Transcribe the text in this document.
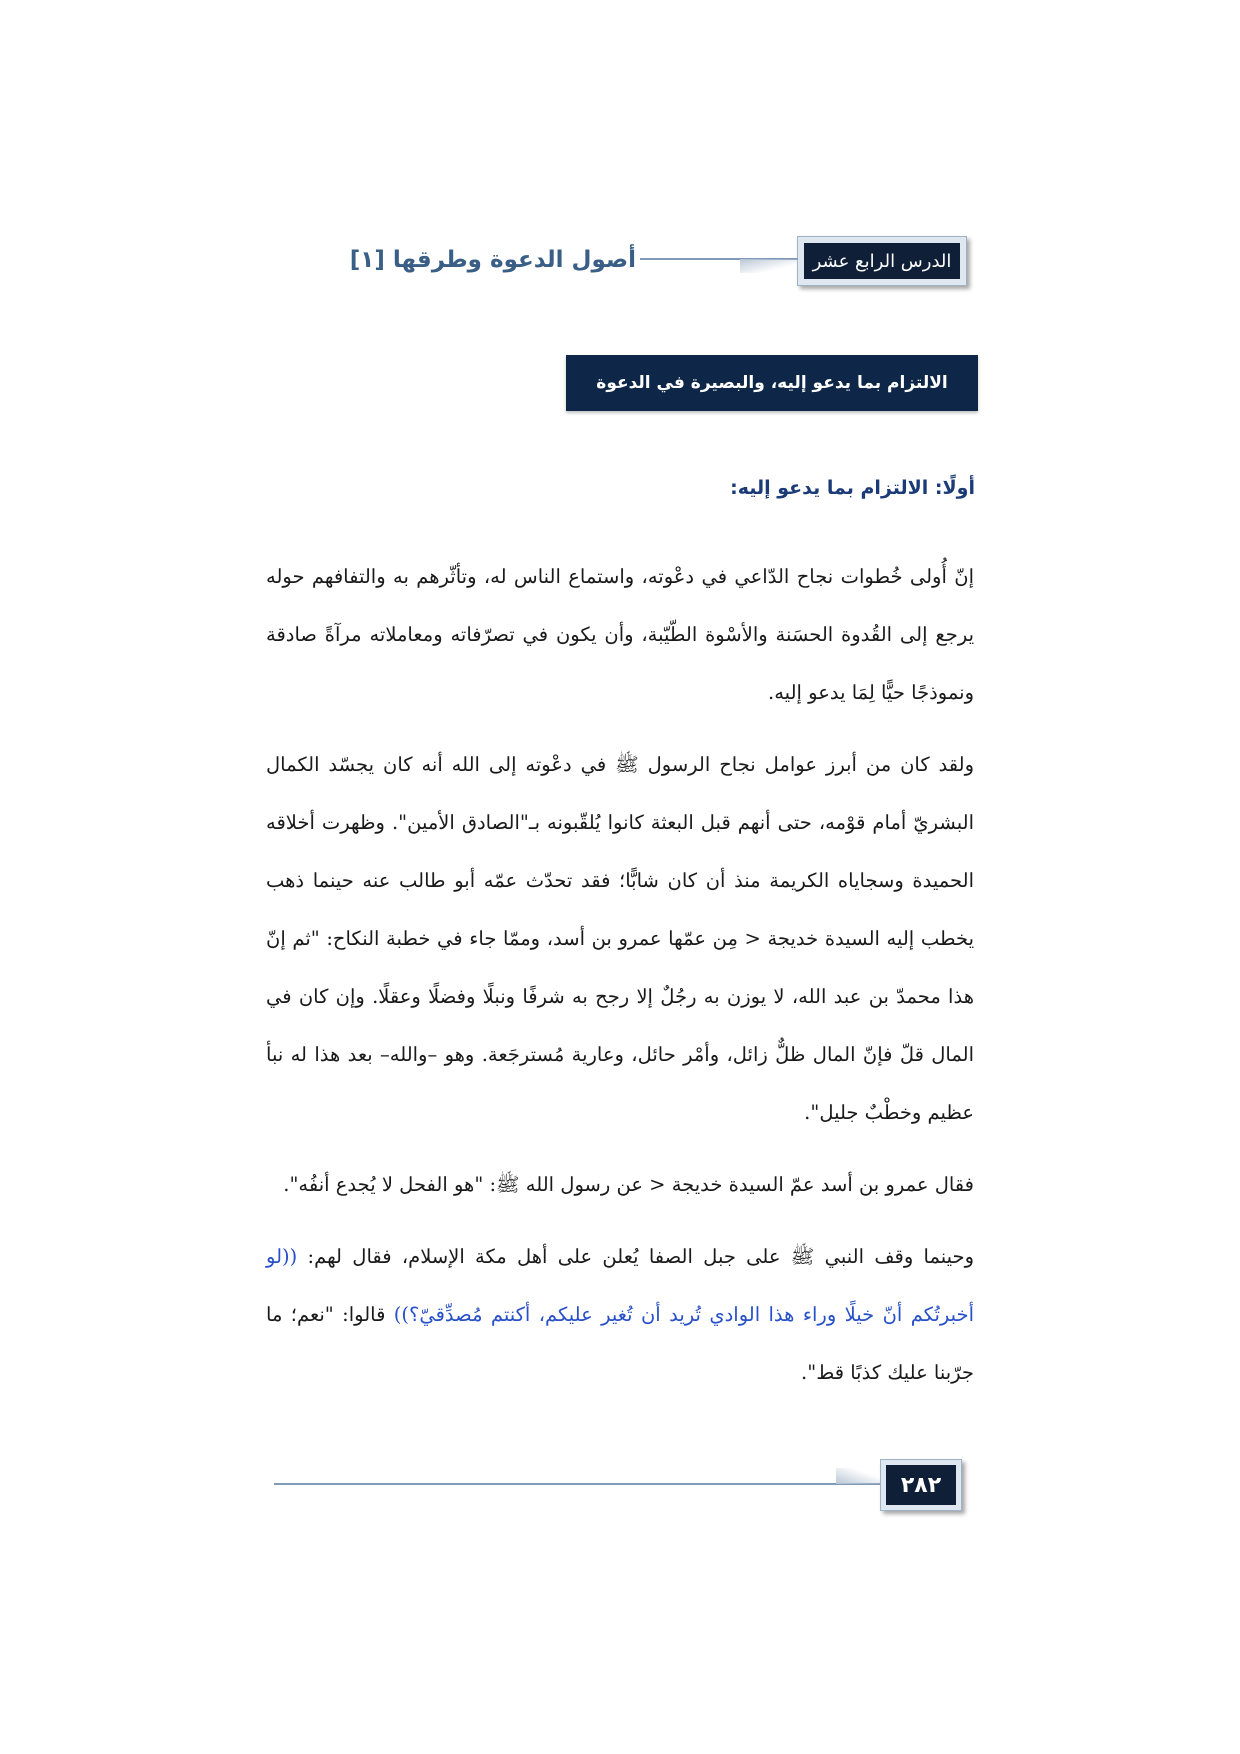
الدرس الرابع عشر
أصول الدعوة وطرقها [١]
الالتزام بما يدعو إليه، والبصيرة في الدعوة
أولًا: الالتزام بما يدعو إليه:

إنّ أُولى خُطوات نجاح الدّاعي في دعْوته، واستماع الناس له، وتأثّرهم به والتفافهم حوله يرجع إلى القُدوة الحسَنة والأسْوة الطّيّبة، وأن يكون في تصرّفاته ومعاملاته مرآةً صادقة ونموذجًا حيًّا لِمَا يدعو إليه.

ولقد كان من أبرز عوامل نجاح الرسول ﷺ في دعْوته إلى الله أنه كان يجسّد الكمال البشريّ أمام قوْمه، حتى أنهم قبل البعثة كانوا يُلقّبونه بـ"الصادق الأمين". وظهرت أخلاقه الحميدة وسجاياه الكريمة منذ أن كان شابًّا؛ فقد تحدّث عمّه أبو طالب عنه حينما ذهب يخطب إليه السيدة خديجة < مِن عمّها عمرو بن أسد، وممّا جاء في خطبة النكاح: "ثم إنّ هذا محمدّ بن عبد الله، لا يوزن به رجُلٌ إلا رجح به شرفًا ونبلًا وفضلًا وعقلًا. وإن كان في المال قلّ فإنّ المال ظلٌّ زائل، وأمْر حائل، وعارية مُسترجَعة. وهو –والله– بعد هذا له نبأ عظيم وخطْبٌ جليل".

فقال عمرو بن أسد عمّ السيدة خديجة < عن رسول الله ﷺ: "هو الفحل لا يُجدع أنفُه".

وحينما وقف النبي ﷺ على جبل الصفا يُعلن على أهل مكة الإسلام، فقال لهم: ((لو أخبرتُكم أنّ خيلًا وراء هذا الوادي تُريد أن تُغير عليكم، أكنتم مُصدِّقيّ؟)) قالوا: "نعم؛ ما جرّبنا عليك كذبًا قط".

٢٨٢
